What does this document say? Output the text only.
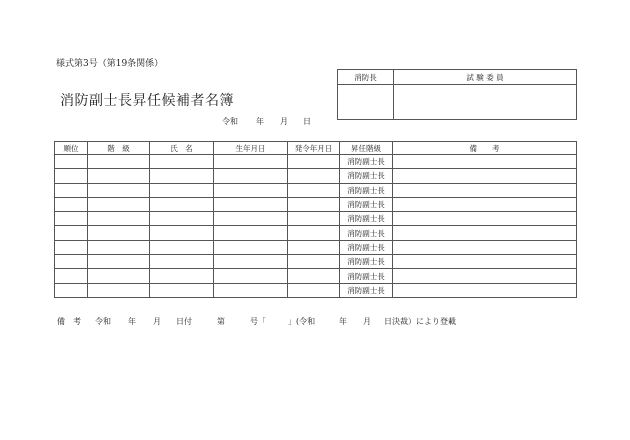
様式第3号（第19条関係）
消防副士長昇任候補者名簿
令和 年 月 日
消防長	試 験 委 員

順位	階　級	氏　名	生年月日	発令年月日	昇任階級	備　　考
					消防副士長	
					消防副士長	
					消防副士長	
					消防副士長	
					消防副士長	
					消防副士長	
					消防副士長	
					消防副士長	
					消防副士長	
					消防副士長	
備　考 令和 年 月 日付	第	号「	」(令和	年 月 日決裁）により登載
